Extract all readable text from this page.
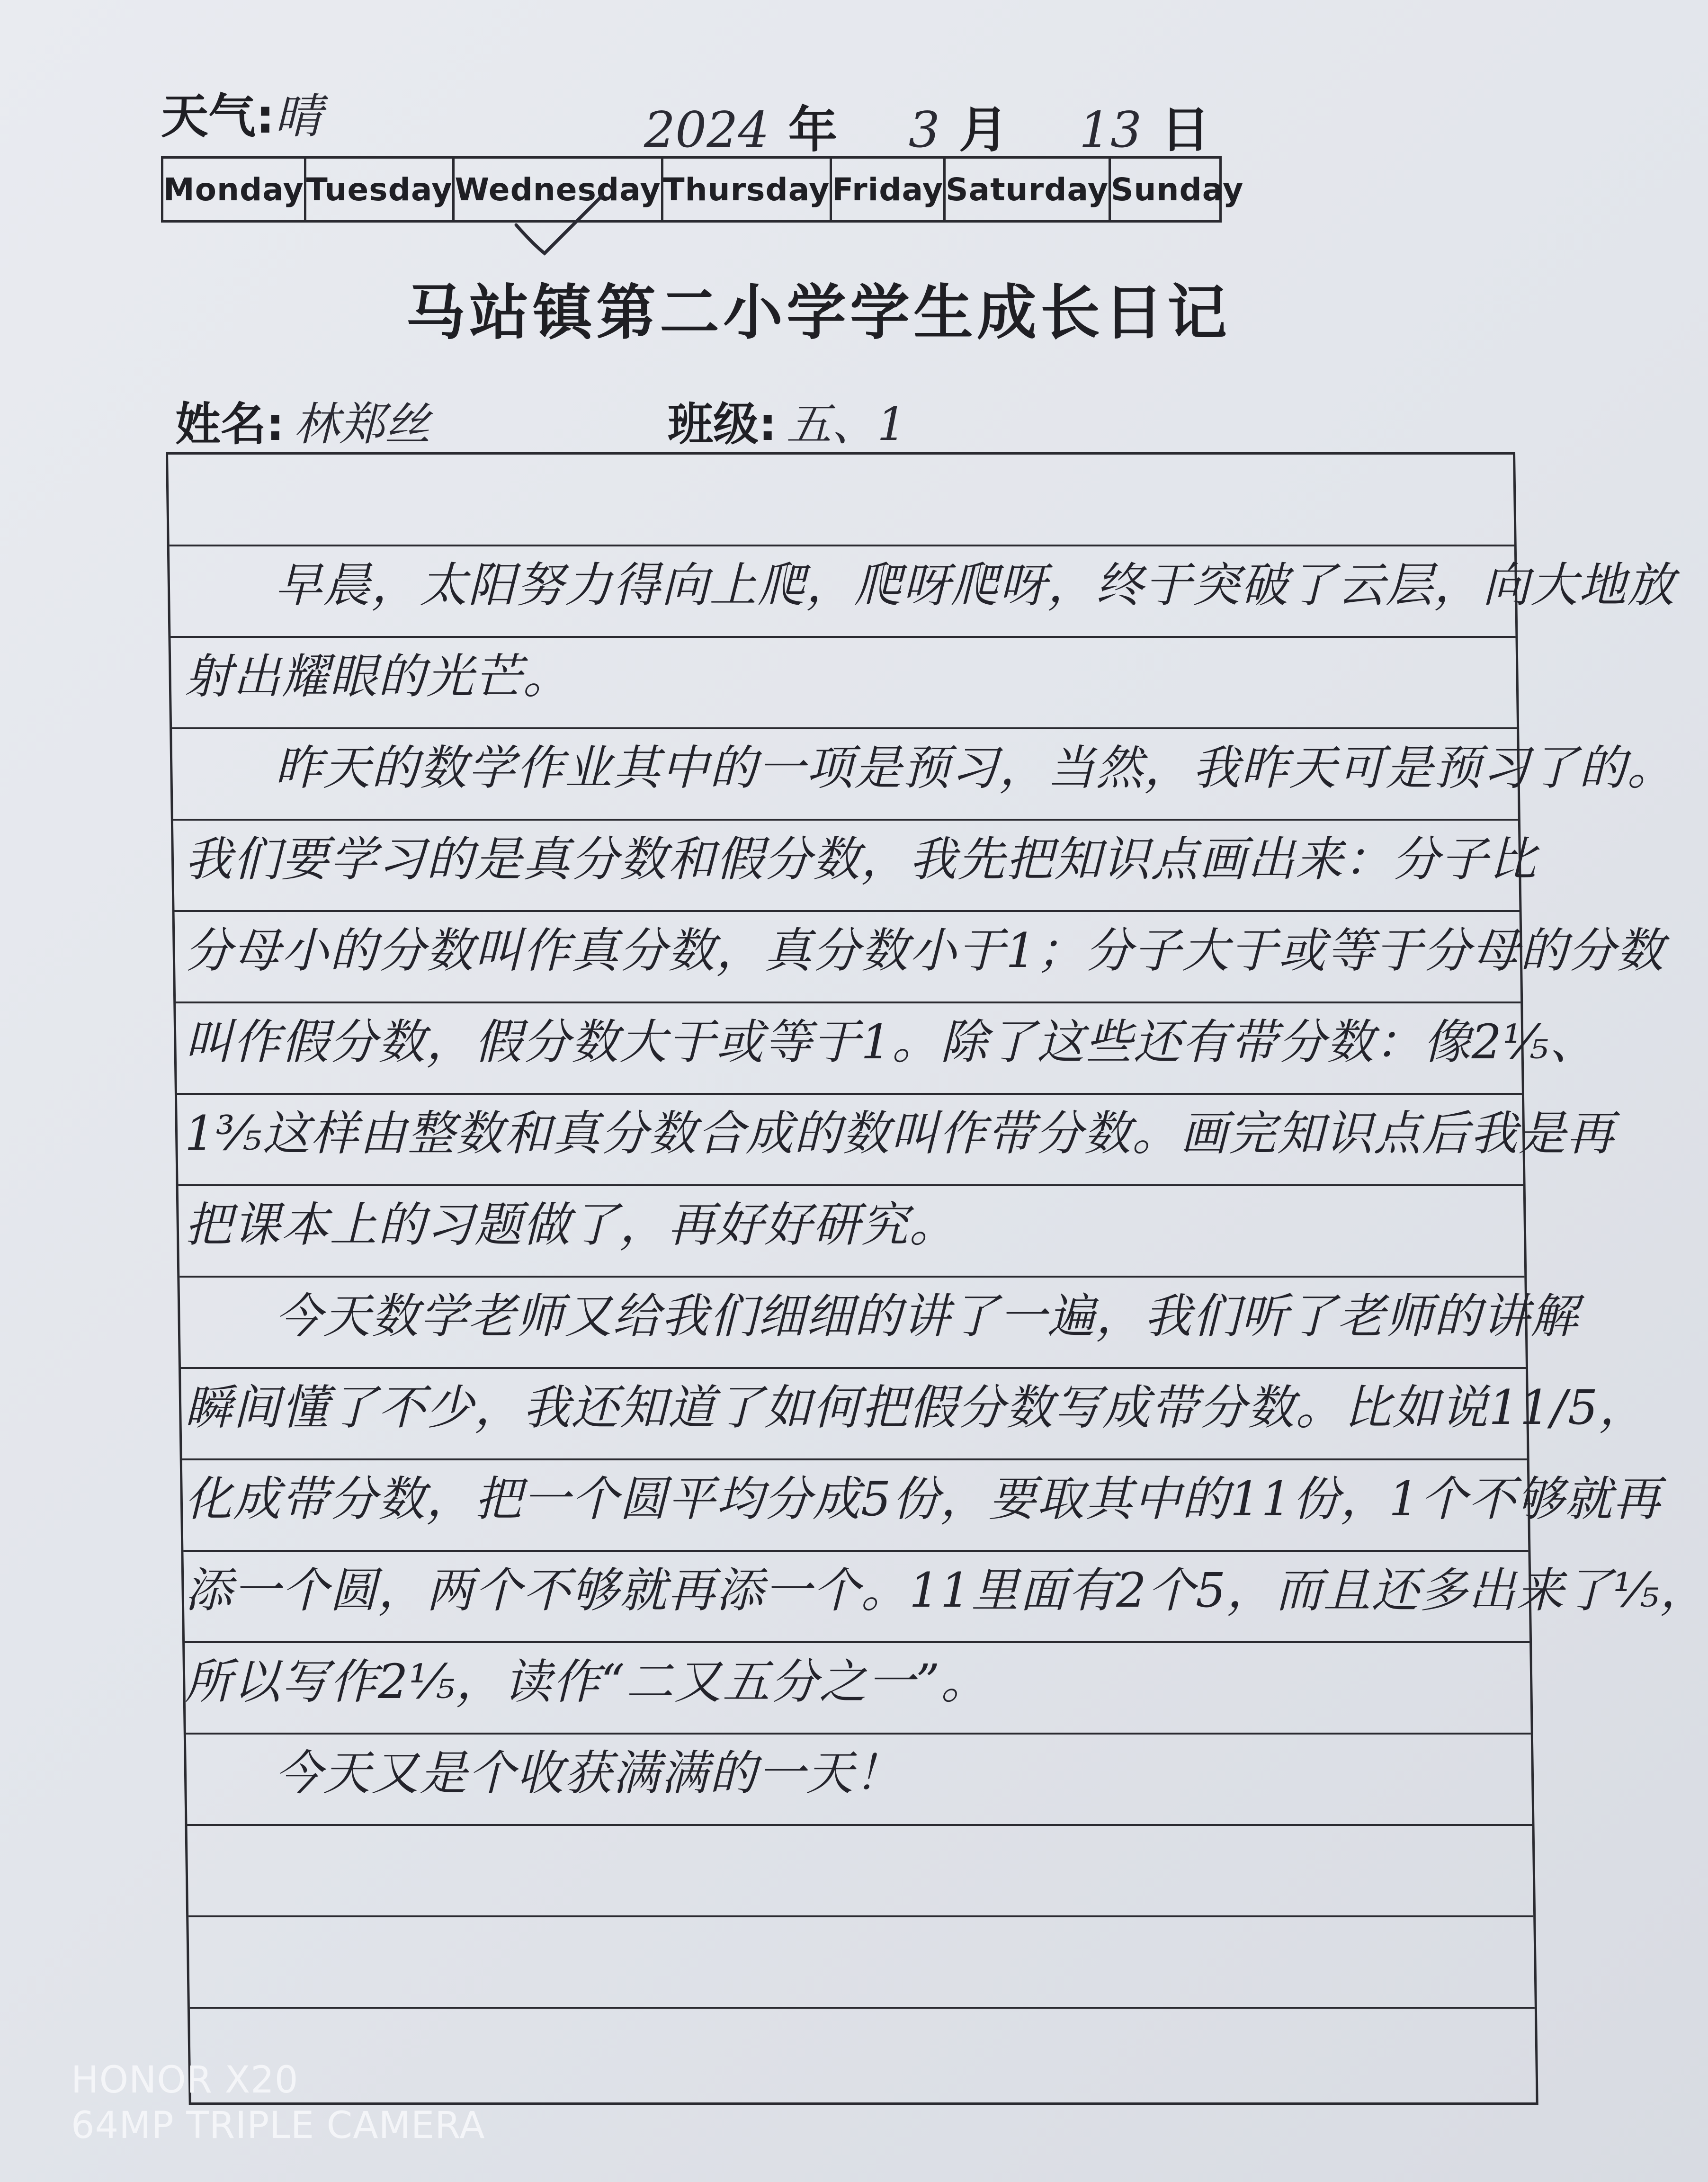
天气:晴	2024 年 3 月 13 日
Monday Tuesday Wednesday Thursday Friday Saturday Sunday
马站镇第二小学学生成长日记
姓名: 林郑丝	班级: 五、1
早晨，太阳努力得向上爬，爬呀爬呀，终于突破了云层，向大地放
射出耀眼的光芒。
昨天的数学作业其中的一项是预习，当然，我昨天可是预习了的。
我们要学习的是真分数和假分数，我先把知识点画出来：分子比
分母小的分数叫作真分数，真分数小于1；分子大于或等于分母的分数
叫作假分数，假分数大于或等于1。除了这些还有带分数：像2⅕、
1⅗这样由整数和真分数合成的数叫作带分数。画完知识点后我是再
把课本上的习题做了，再好好研究。
今天数学老师又给我们细细的讲了一遍，我们听了老师的讲解
瞬间懂了不少，我还知道了如何把假分数写成带分数。比如说11/5，
化成带分数，把一个圆平均分成5份，要取其中的11份，1个不够就再
添一个圆，两个不够就再添一个。11里面有2个5，而且还多出来了⅕，
所以写作2⅕，读作“二又五分之一”。
今天又是个收获满满的一天！
HONOR X20
64MP TRIPLE CAMERA
